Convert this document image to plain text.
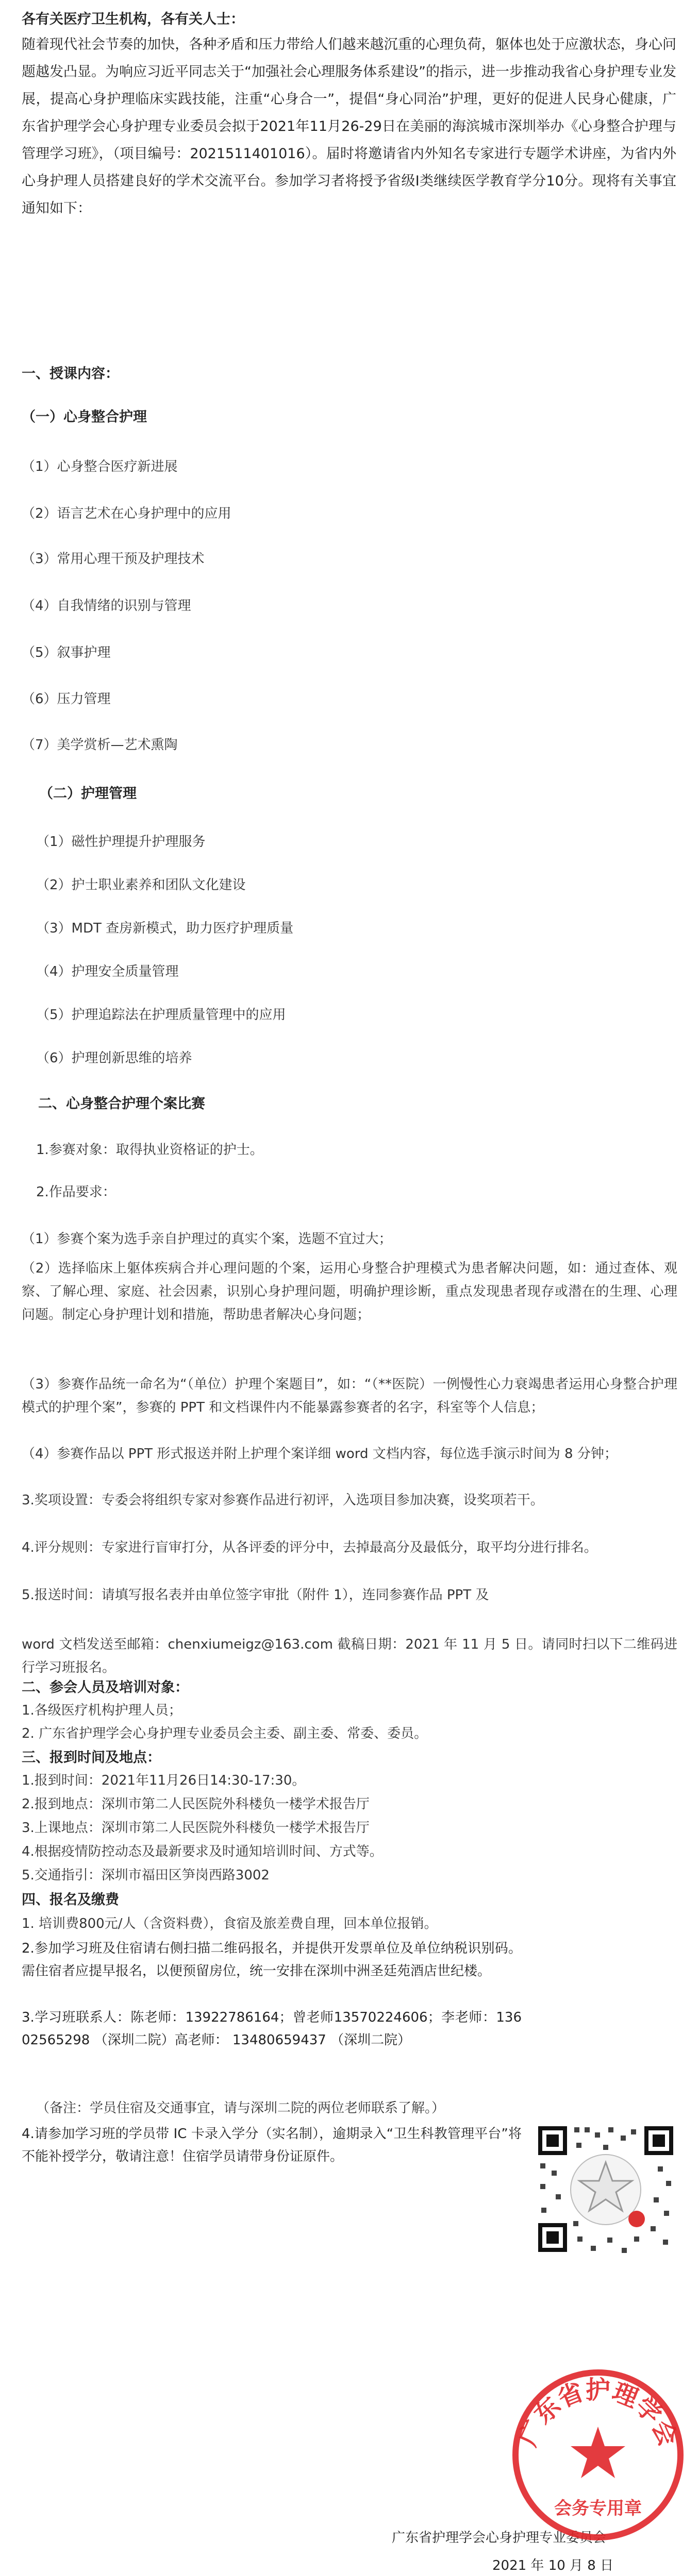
各有关医疗卫生机构，各有关人士：

随着现代社会节奏的加快，各种矛盾和压力带给人们越来越沉重的心理负荷，躯体也处于应激状态，身心问题越发凸显。为响应习近平同志关于“加强社会心理服务体系建设”的指示，进一步推动我省心身护理专业发展，提高心身护理临床实践技能，注重“心身合一”，提倡“身心同治”护理，更好的促进人民身心健康，广东省护理学会心身护理专业委员会拟于2021年11月26-29日在美丽的海滨城市深圳举办《心身整合护理与管理学习班》，（项目编号：2021511401016）。届时将邀请省内外知名专家进行专题学术讲座，为省内外心身护理人员搭建良好的学术交流平台。参加学习者将授予省级Ⅰ类继续医学教育学分10分。现将有关事宜通知如下：

一、授课内容：

（一）心身整合护理

（1）心身整合医疗新进展

（2）语言艺术在心身护理中的应用

（3）常用心理干预及护理技术

（4）自我情绪的识别与管理

（5）叙事护理

（6）压力管理

（7）美学赏析—艺术熏陶

（二）护理管理

（1）磁性护理提升护理服务

（2）护士职业素养和团队文化建设

（3）MDT 查房新模式，助力医疗护理质量

（4）护理安全质量管理

（5）护理追踪法在护理质量管理中的应用

（6）护理创新思维的培养

二、心身整合护理个案比赛

1.参赛对象：取得执业资格证的护士。

2.作品要求：

（1）参赛个案为选手亲自护理过的真实个案，选题不宜过大；

（2）选择临床上躯体疾病合并心理问题的个案，运用心身整合护理模式为患者解决问题，如：通过查体、观察、了解心理、家庭、社会因素，识别心身护理问题，明确护理诊断，重点发现患者现存或潜在的生理、心理问题。制定心身护理计划和措施，帮助患者解决心身问题；

（3）参赛作品统一命名为“（单位）护理个案题目”，如：“（**医院）一例慢性心力衰竭患者运用心身整合护理模式的护理个案”，参赛的 PPT 和文档课件内不能暴露参赛者的名字，科室等个人信息；

（4）参赛作品以 PPT 形式报送并附上护理个案详细 word 文档内容，每位选手演示时间为 8 分钟；

3.奖项设置：专委会将组织专家对参赛作品进行初评，入选项目参加决赛，设奖项若干。

4.评分规则：专家进行盲审打分，从各评委的评分中，去掉最高分及最低分，取平均分进行排名。

5.报送时间：请填写报名表并由单位签字审批（附件 1），连同参赛作品 PPT 及

word 文档发送至邮箱：chenxiumeigz@163.com 截稿日期：2021 年 11 月 5 日。请同时扫以下二维码进行学习班报名。

二、参会人员及培训对象：

1.各级医疗机构护理人员；

2. 广东省护理学会心身护理专业委员会主委、副主委、常委、委员。

三、报到时间及地点：

1.报到时间：2021年11月26日14:30-17:30。

2.报到地点：深圳市第二人民医院外科楼负一楼学术报告厅

3.上课地点：深圳市第二人民医院外科楼负一楼学术报告厅

4.根据疫情防控动态及最新要求及时通知培训时间、方式等。

5.交通指引：深圳市福田区笋岗西路3002

四、报名及缴费

1. 培训费800元/人（含资料费），食宿及旅差费自理，回本单位报销。

2.参加学习班及住宿请右侧扫描二维码报名，并提供开发票单位及单位纳税识别码。需住宿者应提早报名，以便预留房位，统一安排在深圳中洲圣廷苑酒店世纪楼。

3.学习班联系人：陈老师：13922786164；曾老师13570224606；李老师：13602565298 （深圳二院）高老师： 13480659437 （深圳二院）

（备注：学员住宿及交通事宜，请与深圳二院的两位老师联系了解。）

4.请参加学习班的学员带 IC 卡录入学分（实名制），逾期录入“卫生科教管理平台”将不能补授学分，敬请注意！住宿学员请带身份证原件。

广东省护理学会心身护理专业委员会

2021 年 10 月 8 日

广东省护理学会
会务专用章
